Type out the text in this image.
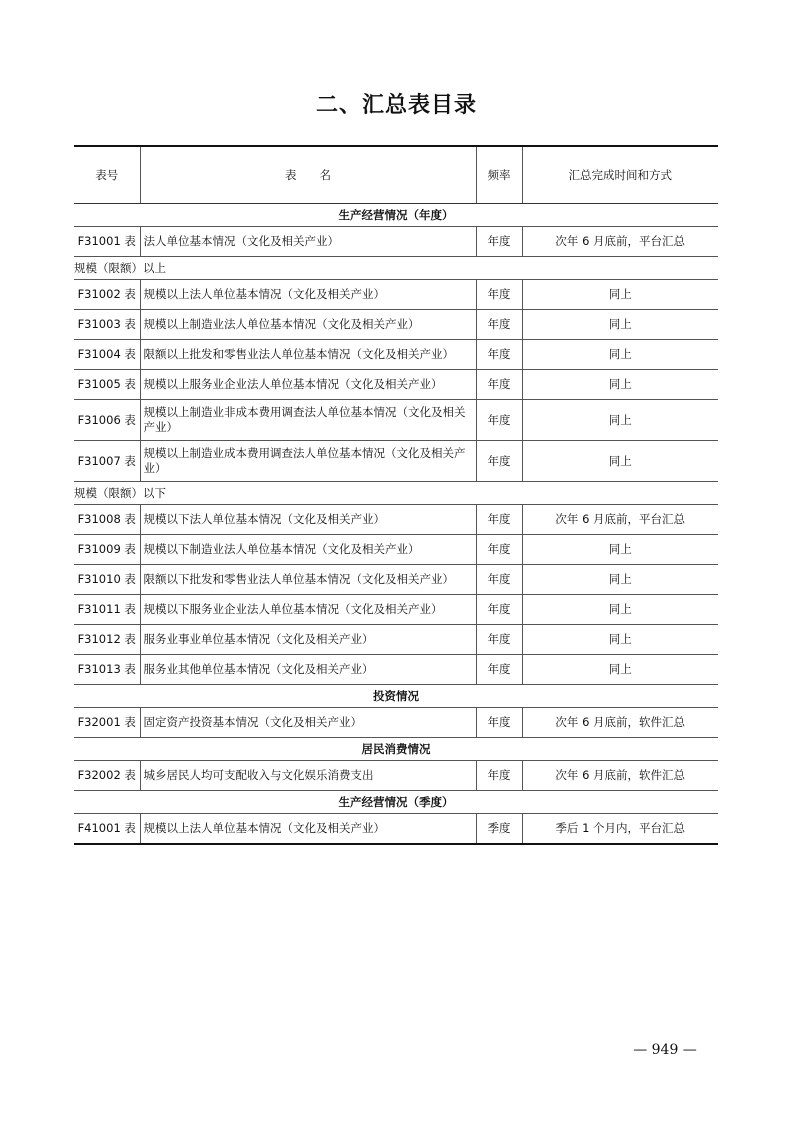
二、汇总表目录
表号	表　　名	频率	汇总完成时间和方式
生产经营情况（年度）			
F31001 表	法人单位基本情况（文化及相关产业）	年度	次年 6 月底前，平台汇总
规模（限额）以上			
F31002 表	规模以上法人单位基本情况（文化及相关产业）	年度	同上
F31003 表	规模以上制造业法人单位基本情况（文化及相关产业）	年度	同上
F31004 表	限额以上批发和零售业法人单位基本情况（文化及相关产业）	年度	同上
F31005 表	规模以上服务业企业法人单位基本情况（文化及相关产业）	年度	同上
F31006 表	规模以上制造业非成本费用调查法人单位基本情况（文化及相关产业）	年度	同上
F31007 表	规模以上制造业成本费用调查法人单位基本情况（文化及相关产业）	年度	同上
规模（限额）以下			
F31008 表	规模以下法人单位基本情况（文化及相关产业）	年度	次年 6 月底前，平台汇总
F31009 表	规模以下制造业法人单位基本情况（文化及相关产业）	年度	同上
F31010 表	限额以下批发和零售业法人单位基本情况（文化及相关产业）	年度	同上
F31011 表	规模以下服务业企业法人单位基本情况（文化及相关产业）	年度	同上
F31012 表	服务业事业单位基本情况（文化及相关产业）	年度	同上
F31013 表	服务业其他单位基本情况（文化及相关产业）	年度	同上
投资情况			
F32001 表	固定资产投资基本情况（文化及相关产业）	年度	次年 6 月底前，软件汇总
居民消费情况			
F32002 表	城乡居民人均可支配收入与文化娱乐消费支出	年度	次年 6 月底前，软件汇总
生产经营情况（季度）			
F41001 表	规模以上法人单位基本情况（文化及相关产业）	季度	季后 1 个月内，平台汇总
— 949 —
